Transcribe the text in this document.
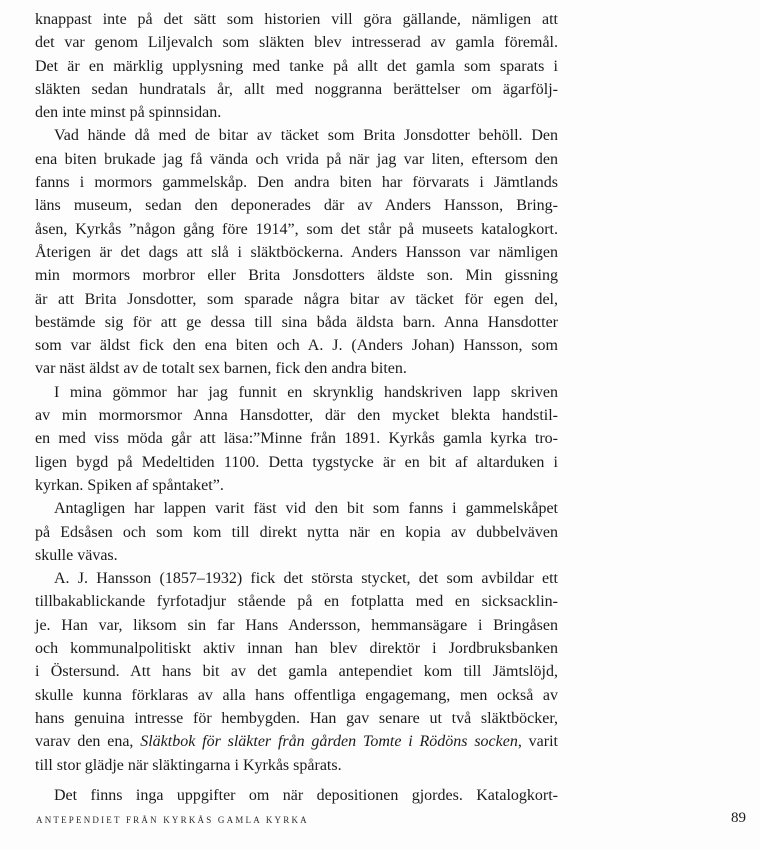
knappast inte på det sätt som historien vill göra gällande, nämligen att
det var genom Liljevalch som släkten blev intresserad av gamla föremål.
Det är en märklig upplysning med tanke på allt det gamla som sparats i
släkten sedan hundratals år, allt med noggranna berättelser om ägarfölj-
den inte minst på spinnsidan.

Vad hände då med de bitar av täcket som Brita Jonsdotter behöll. Den
ena biten brukade jag få vända och vrida på när jag var liten, eftersom den
fanns i mormors gammelskåp. Den andra biten har förvarats i Jämtlands
läns museum, sedan den deponerades där av Anders Hansson, Bring-
åsen, Kyrkås ”någon gång före 1914”, som det står på museets katalogkort.
Återigen är det dags att slå i släktböckerna. Anders Hansson var nämligen
min mormors morbror eller Brita Jonsdotters äldste son. Min gissning
är att Brita Jonsdotter, som sparade några bitar av täcket för egen del,
bestämde sig för att ge dessa till sina båda äldsta barn. Anna Hansdotter
som var äldst fick den ena biten och A. J. (Anders Johan) Hansson, som
var näst äldst av de totalt sex barnen, fick den andra biten.

I mina gömmor har jag funnit en skrynklig handskriven lapp skriven
av min mormorsmor Anna Hansdotter, där den mycket blekta handstil-
en med viss möda går att läsa:”Minne från 1891. Kyrkås gamla kyrka tro-
ligen bygd på Medeltiden 1100. Detta tygstycke är en bit af altarduken i
kyrkan. Spiken af spåntaket”.

Antagligen har lappen varit fäst vid den bit som fanns i gammelskåpet
på Edsåsen och som kom till direkt nytta när en kopia av dubbelväven
skulle vävas.

A. J. Hansson (1857–1932) fick det största stycket, det som avbildar ett
tillbakablickande fyrfotadjur stående på en fotplatta med en sicksacklin-
je. Han var, liksom sin far Hans Andersson, hemmansägare i Bringåsen
och kommunalpolitiskt aktiv innan han blev direktör i Jordbruksbanken
i Östersund. Att hans bit av det gamla antependiet kom till Jämtslöjd,
skulle kunna förklaras av alla hans offentliga engagemang, men också av
hans genuina intresse för hembygden. Han gav senare ut två släktböcker,
varav den ena, Släktbok för släkter från gården Tomte i Rödöns socken, varit
till stor glädje när släktingarna i Kyrkås spårats.

Det finns inga uppgifter om när depositionen gjordes. Katalogkort-

ANTEPENDIET FRÅN KYRKÅS GAMLA KYRKA	89
